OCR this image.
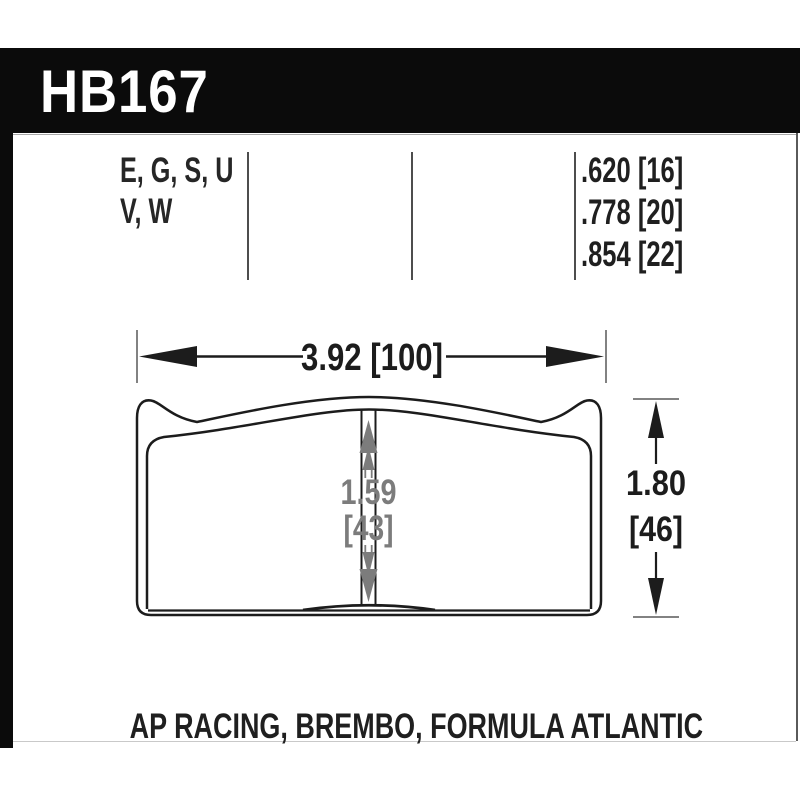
HB167
E, G, S, U
V, W
.620 [16]
.778 [20]
.854 [22]
3.92 [100]
1.59
[43]
1.80
[46]
AP RACING, BREMBO, FORMULA ATLANTIC
